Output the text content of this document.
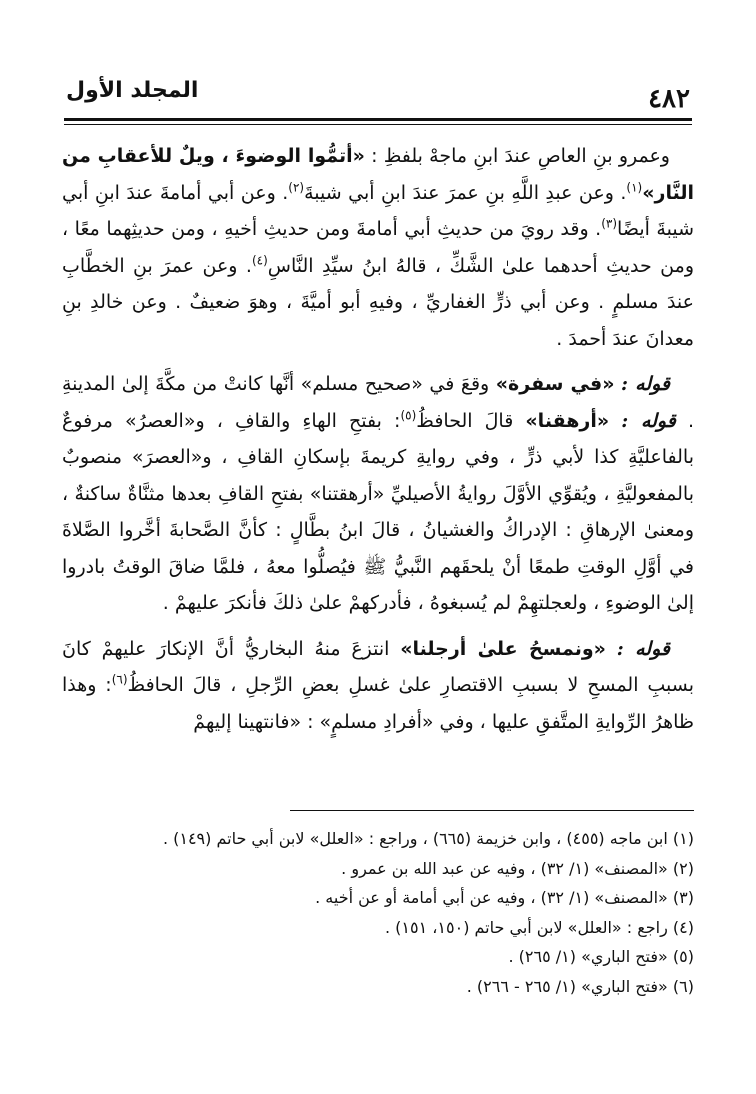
٤٨٢
المجلد الأول

وعمرو بنِ العاصِ عندَ ابنِ ماجهْ بلفظِ : «أتمُّوا الوضوءَ ، ويلٌ للأعقابِ من النَّار»$^{(١)}$. وعن عبدِ اللَّهِ بنِ عمرَ عندَ ابنِ أبي شيبةَ$^{(٢)}$. وعن أبي أمامةَ عندَ ابنِ أبي شيبةَ أيضًا$^{(٣)}$. وقد رويَ من حديثِ أبي أمامةَ ومن حديثِ أخيهِ ، ومن حديثِهما معًا ، ومن حديثِ أحدهما علىٰ الشَّكِّ ، قالهُ ابنُ سيِّدِ النَّاسِ$^{(٤)}$. وعن عمرَ بنِ الخطَّابِ عندَ مسلمٍ . وعن أبي ذرٍّ الغفاريِّ ، وفيهِ أبو أميَّةَ ، وهوَ ضعيفٌ . وعن خالدِ بنِ معدانَ عندَ أحمدَ .

قوله : «في سفرة» وقعَ في «صحيح مسلم» أنَّها كانتْ من مكَّةَ إلىٰ المدينةِ . قوله : «أرهقنا» قالَ الحافظُ$^{(٥)}$: بفتحِ الهاءِ والقافِ ، و«العصرُ» مرفوعٌ بالفاعليَّةِ كذا لأبي ذرٍّ ، وفي روايةِ كريمةَ بإسكانِ القافِ ، و«العصرَ» منصوبٌ بالمفعوليَّةِ ، ويُقوِّي الأوَّلَ روايةُ الأصيليِّ «أرهقتنا» بفتحِ القافِ بعدها مثنَّاةٌ ساكنةٌ ، ومعنىٰ الإرهاقِ : الإدراكُ والغشيانُ ، قالَ ابنُ بطَّالٍ : كأنَّ الصَّحابةَ أخَّروا الصَّلاةَ في أوَّلِ الوقتِ طمعًا أنْ يلحقَهم النَّبيُّ ﷺ فيُصلُّوا معهُ ، فلمَّا ضاقَ الوقتُ بادروا إلىٰ الوضوءِ ، ولعجلتهِمْ لم يُسبغوهُ ، فأدركهمْ علىٰ ذلكَ فأنكرَ عليهمْ .

قوله : «ونمسحُ علىٰ أرجلنا» انتزعَ منهُ البخاريُّ أنَّ الإنكارَ عليهمْ كانَ بسببِ المسحِ لا بسببِ الاقتصارِ علىٰ غسلِ بعضِ الرِّجلِ ، قالَ الحافظُ$^{(٦)}$: وهذا ظاهرُ الرِّوايةِ المتَّفقِ عليها ، وفي «أفرادِ مسلمٍ» : «فانتهينا إليهمْ

(١) ابن ماجه (٤٥٥) ، وابن خزيمة (٦٦٥) ، وراجع : «العلل» لابن أبي حاتم (١٤٩) .
(٢) «المصنف» (١/ ٣٢) ، وفيه عن عبد الله بن عمرو .
(٣) «المصنف» (١/ ٣٢) ، وفيه عن أبي أمامة أو عن أخيه .
(٤) راجع : «العلل» لابن أبي حاتم (١٥٠، ١٥١) .
(٥) «فتح الباري» (١/ ٢٦٥) .
(٦) «فتح الباري» (١/ ٢٦٥ - ٢٦٦) .
